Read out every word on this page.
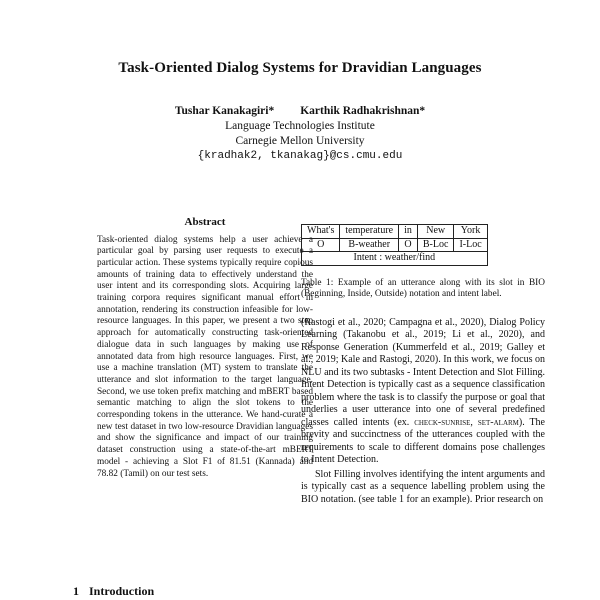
Task-Oriented Dialog Systems for Dravidian Languages
Tushar Kanakagiri* Karthik Radhakrishnan*
Language Technologies Institute
Carnegie Mellon University
{kradhak2, tkanakag}@cs.cmu.edu
Abstract
Task-oriented dialog systems help a user achieve a particular goal by parsing user requests to execute a particular action. These systems typically require copious amounts of training data to effectively understand the user intent and its corresponding slots. Acquiring large training corpora requires significant manual effort in annotation, rendering its construction infeasible for low-resource languages. In this paper, we present a two step approach for automatically constructing task-oriented dialogue data in such languages by making use of annotated data from high resource languages. First, we use a machine translation (MT) system to translate the utterance and slot information to the target language. Second, we use token prefix matching and mBERT based semantic matching to align the slot tokens to the corresponding tokens in the utterance. We hand-curate a new test dataset in two low-resource Dravidian languages and show the significance and impact of our training dataset construction using a state-of-the-art mBERT model - achieving a Slot F1 of 81.51 (Kannada) and 78.82 (Tamil) on our test sets.
1 Introduction
What's	temperature	in	New	York
O	B-weather	O	B-Loc	I-Loc
Intent : weather/find				
Table 1: Example of an utterance along with its slot in BIO (Beginning, Inside, Outside) notation and intent label.

(Rastogi et al., 2020; Campagna et al., 2020), Dialog Policy Learning (Takanobu et al., 2019; Li et al., 2020), and Response Generation (Kummerfeld et al., 2019; Galley et al., 2019; Kale and Rastogi, 2020). In this work, we focus on NLU and its two subtasks - Intent Detection and Slot Filling. Intent Detection is typically cast as a sequence classification problem where the task is to classify the purpose or goal that underlies a user utterance into one of several predefined classes called intents (ex. check-sunrise, set-alarm). The brevity and succinctness of the utterances coupled with the requirements to scale to different domains pose challenges to Intent Detection.

Slot Filling involves identifying the intent arguments and is typically cast as a sequence labelling problem using the BIO notation. (see table 1 for an example). Prior research on
